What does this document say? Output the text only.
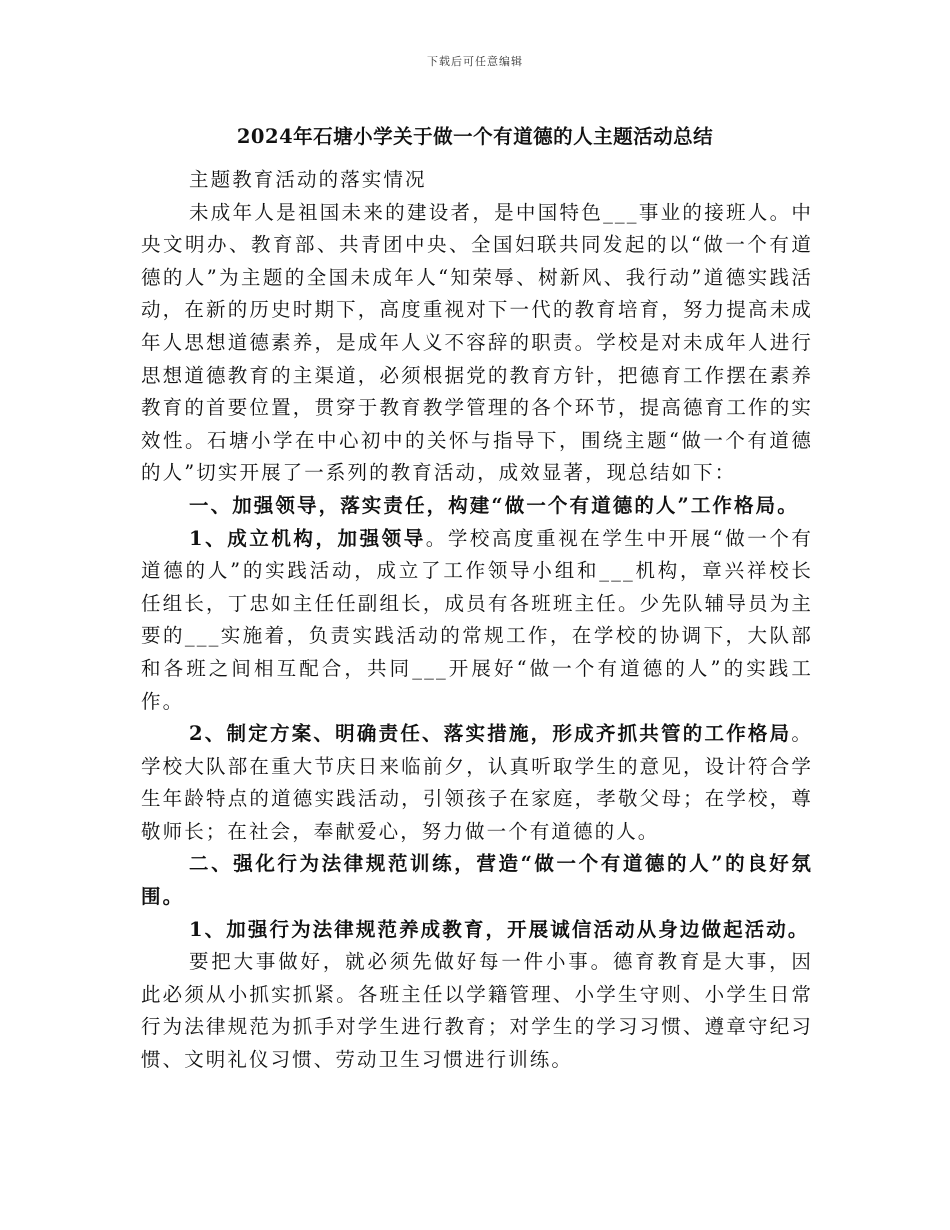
下载后可任意编辑
2024年石塘小学关于做一个有道德的人主题活动总结

主题教育活动的落实情况

未成年人是祖国未来的建设者，是中国特色___事业的接班人。中央文明办、教育部、共青团中央、全国妇联共同发起的以“做一个有道德的人”为主题的全国未成年人“知荣辱、树新风、我行动”道德实践活动，在新的历史时期下，高度重视对下一代的教育培育，努力提高未成年人思想道德素养，是成年人义不容辞的职责。学校是对未成年人进行思想道德教育的主渠道，必须根据党的教育方针，把德育工作摆在素养教育的首要位置，贯穿于教育教学管理的各个环节，提高德育工作的实效性。石塘小学在中心初中的关怀与指导下，围绕主题“做一个有道德的人”切实开展了一系列的教育活动，成效显著，现总结如下：

一、加强领导，落实责任，构建“做一个有道德的人”工作格局。

1、成立机构，加强领导。学校高度重视在学生中开展“做一个有道德的人”的实践活动，成立了工作领导小组和___机构，章兴祥校长任组长，丁忠如主任任副组长，成员有各班班主任。少先队辅导员为主要的___实施着，负责实践活动的常规工作，在学校的协调下，大队部和各班之间相互配合，共同___开展好“做一个有道德的人”的实践工作。

2、制定方案、明确责任、落实措施，形成齐抓共管的工作格局。学校大队部在重大节庆日来临前夕，认真听取学生的意见，设计符合学生年龄特点的道德实践活动，引领孩子在家庭，孝敬父母；在学校，尊敬师长；在社会，奉献爱心，努力做一个有道德的人。

二、强化行为法律规范训练，营造“做一个有道德的人”的良好氛围。

1、加强行为法律规范养成教育，开展诚信活动从身边做起活动。

要把大事做好，就必须先做好每一件小事。德育教育是大事，因此必须从小抓实抓紧。各班主任以学籍管理、小学生守则、小学生日常行为法律规范为抓手对学生进行教育；对学生的学习习惯、遵章守纪习惯、文明礼仪习惯、劳动卫生习惯进行训练。
